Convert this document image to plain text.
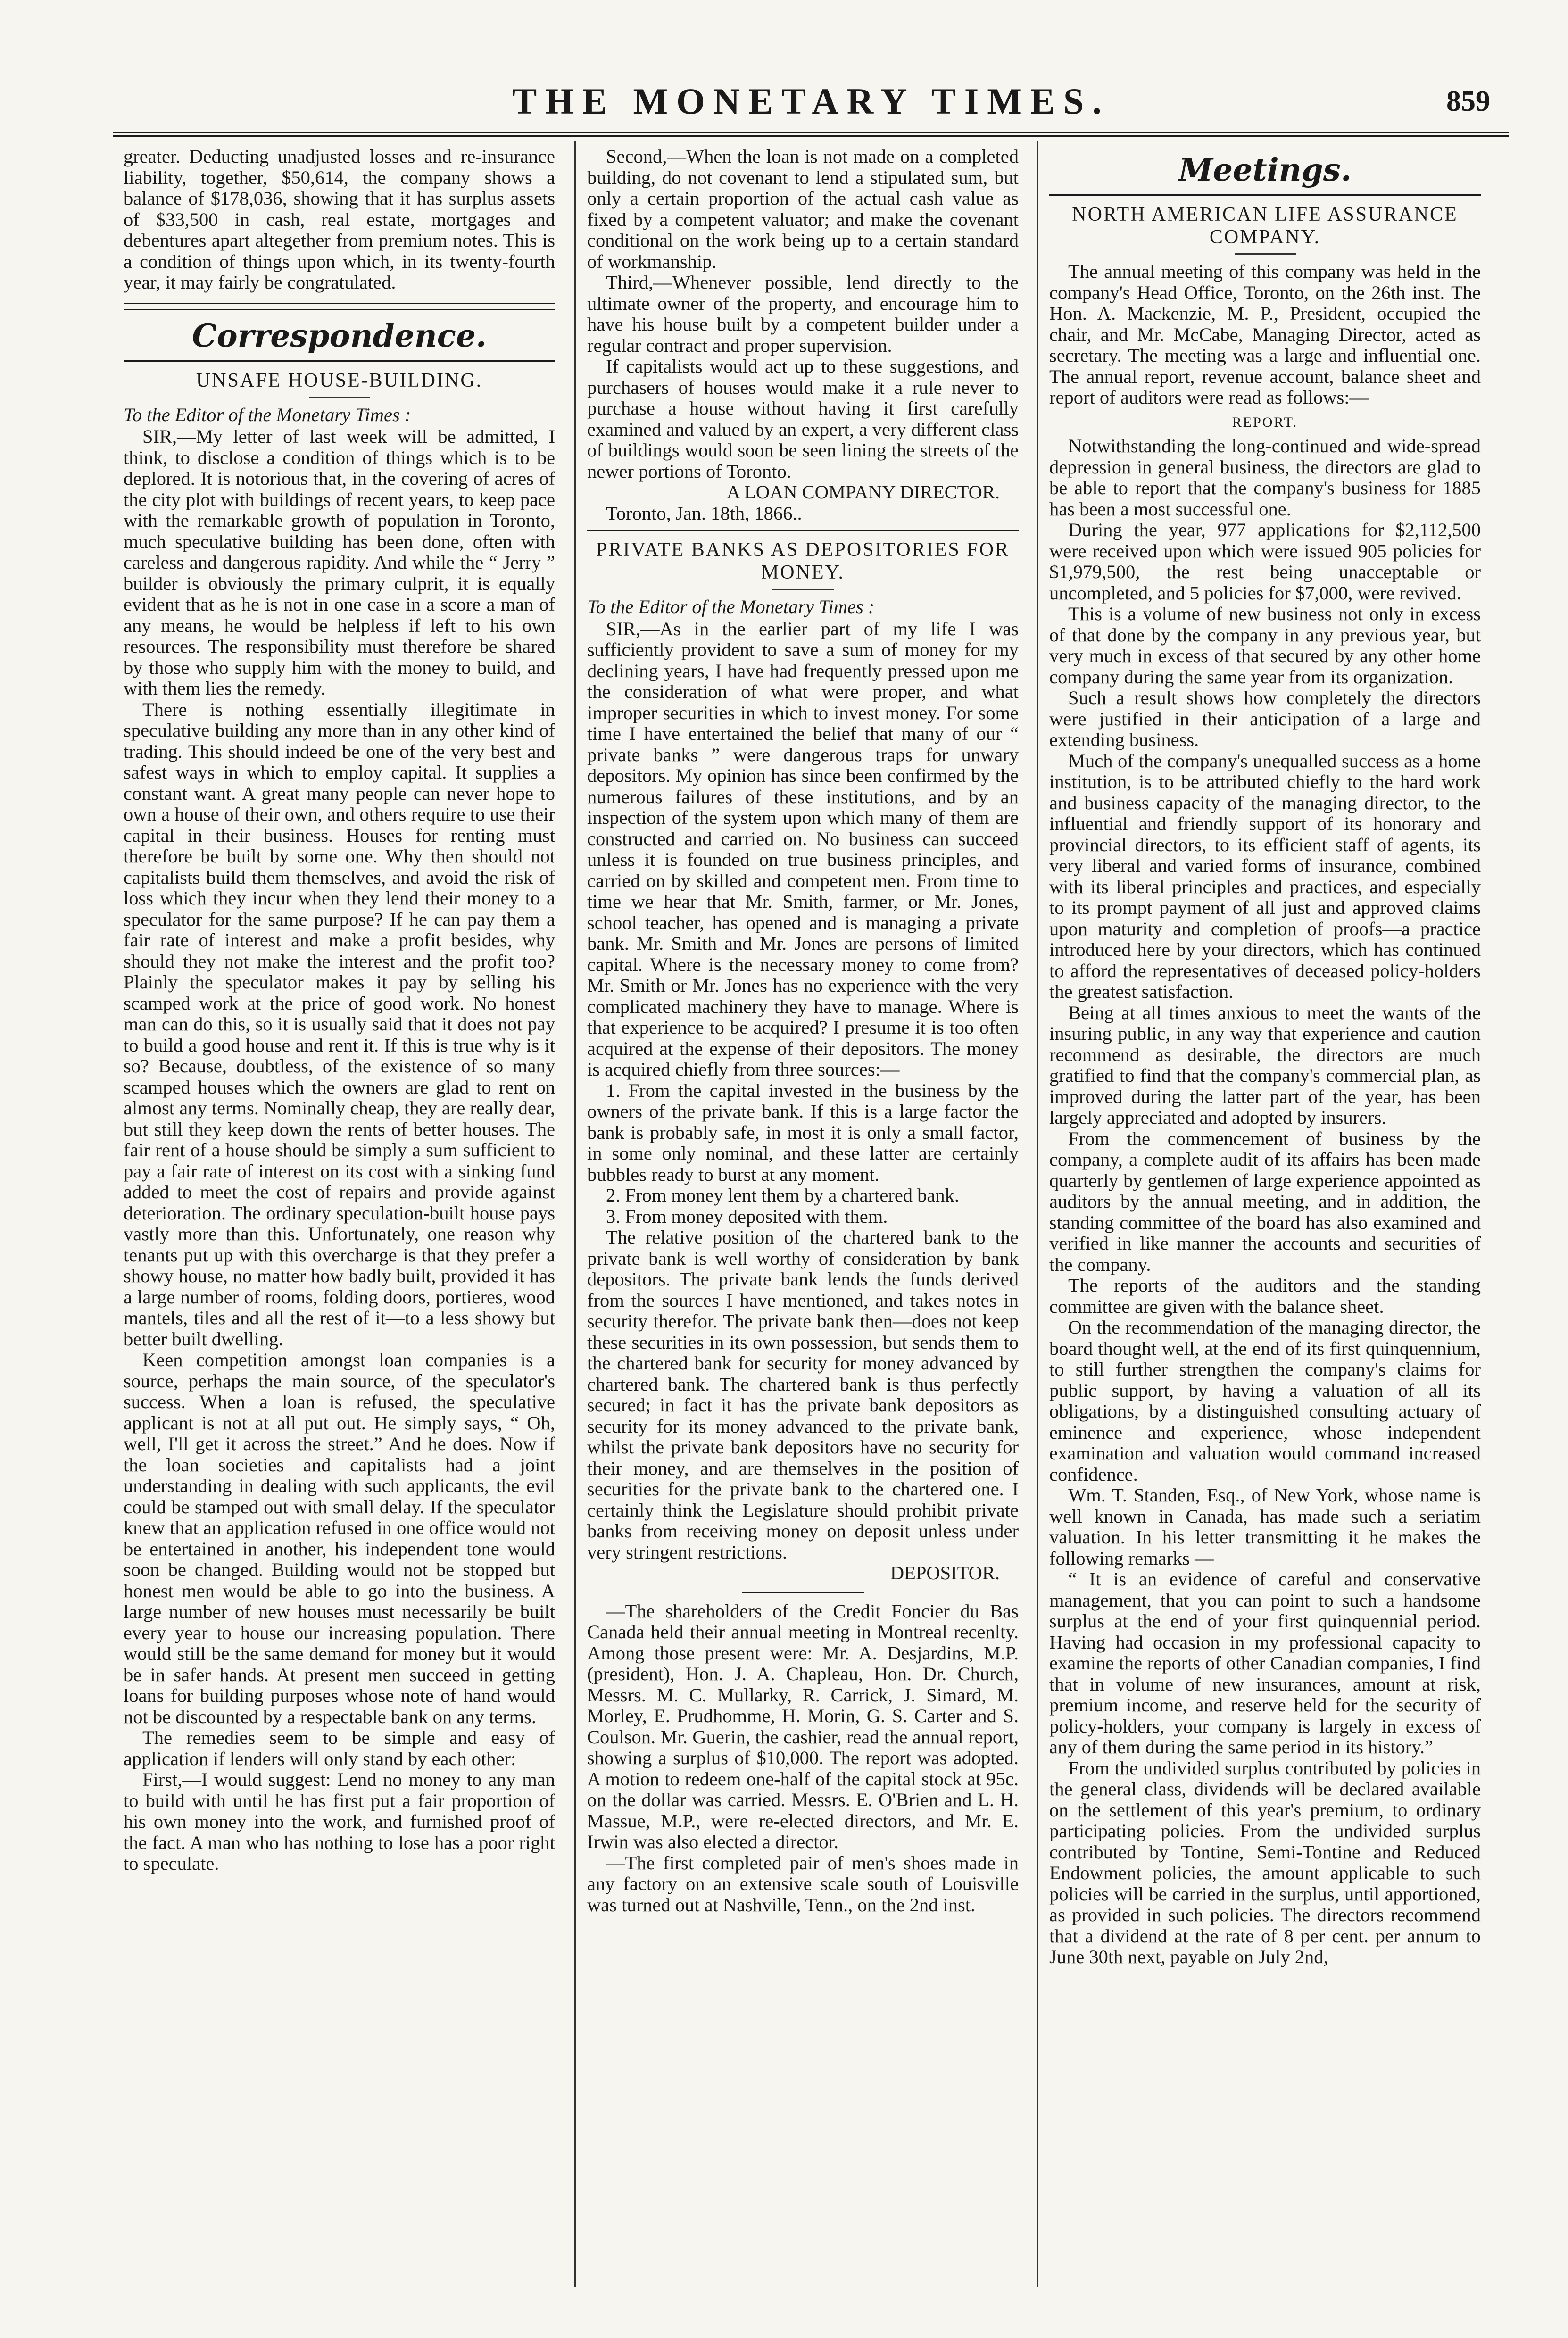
THE MONETARY TIMES.	859

greater. Deducting unadjusted losses and re-insurance liability, together, $50,614, the company shows a balance of $178,036, showing that it has surplus assets of $33,500 in cash, real estate, mortgages and debentures apart altegether from premium notes. This is a condition of things upon which, in its twenty-fourth year, it may fairly be congratulated.

Correspondence.
UNSAFE HOUSE-BUILDING.

To the Editor of the Monetary Times :

SIR,—My letter of last week will be admitted, I think, to disclose a condition of things which is to be deplored. It is notorious that, in the covering of acres of the city plot with buildings of recent years, to keep pace with the remarkable growth of population in Toronto, much speculative building has been done, often with careless and dangerous rapidity. And while the “ Jerry ” builder is obviously the primary culprit, it is equally evident that as he is not in one case in a score a man of any means, he would be helpless if left to his own resources. The responsibility must therefore be shared by those who supply him with the money to build, and with them lies the remedy.

There is nothing essentially illegitimate in speculative building any more than in any other kind of trading. This should indeed be one of the very best and safest ways in which to employ capital. It supplies a constant want. A great many people can never hope to own a house of their own, and others require to use their capital in their business. Houses for renting must therefore be built by some one. Why then should not capitalists build them themselves, and avoid the risk of loss which they incur when they lend their money to a speculator for the same purpose? If he can pay them a fair rate of interest and make a profit besides, why should they not make the interest and the profit too? Plainly the speculator makes it pay by selling his scamped work at the price of good work. No honest man can do this, so it is usually said that it does not pay to build a good house and rent it. If this is true why is it so? Because, doubtless, of the existence of so many scamped houses which the owners are glad to rent on almost any terms. Nominally cheap, they are really dear, but still they keep down the rents of better houses. The fair rent of a house should be simply a sum sufficient to pay a fair rate of interest on its cost with a sinking fund added to meet the cost of repairs and provide against deterioration. The ordinary speculation-built house pays vastly more than this. Unfortunately, one reason why tenants put up with this overcharge is that they prefer a showy house, no matter how badly built, provided it has a large number of rooms, folding doors, portieres, wood mantels, tiles and all the rest of it—to a less showy but better built dwelling.

Keen competition amongst loan companies is a source, perhaps the main source, of the speculator's success. When a loan is refused, the speculative applicant is not at all put out. He simply says, “ Oh, well, I'll get it across the street.” And he does. Now if the loan societies and capitalists had a joint understanding in dealing with such applicants, the evil could be stamped out with small delay. If the speculator knew that an application refused in one office would not be entertained in another, his independent tone would soon be changed. Building would not be stopped but honest men would be able to go into the business. A large number of new houses must necessarily be built every year to house our increasing population. There would still be the same demand for money but it would be in safer hands. At present men succeed in getting loans for building purposes whose note of hand would not be discounted by a respectable bank on any terms.

The remedies seem to be simple and easy of application if lenders will only stand by each other:

First,—I would suggest: Lend no money to any man to build with until he has first put a fair proportion of his own money into the work, and furnished proof of the fact. A man who has nothing to lose has a poor right to speculate.

Second,—When the loan is not made on a completed building, do not covenant to lend a stipulated sum, but only a certain proportion of the actual cash value as fixed by a competent valuator; and make the covenant conditional on the work being up to a certain standard of workmanship.

Third,—Whenever possible, lend directly to the ultimate owner of the property, and encourage him to have his house built by a competent builder under a regular contract and proper supervision.

If capitalists would act up to these suggestions, and purchasers of houses would make it a rule never to purchase a house without having it first carefully examined and valued by an expert, a very different class of buildings would soon be seen lining the streets of the newer portions of Toronto.

A LOAN COMPANY DIRECTOR.

Toronto, Jan. 18th, 1866..

PRIVATE BANKS AS DEPOSITORIES FOR MONEY.

To the Editor of the Monetary Times :

SIR,—As in the earlier part of my life I was sufficiently provident to save a sum of money for my declining years, I have had frequently pressed upon me the consideration of what were proper, and what improper securities in which to invest money. For some time I have entertained the belief that many of our “ private banks ” were dangerous traps for unwary depositors. My opinion has since been confirmed by the numerous failures of these institutions, and by an inspection of the system upon which many of them are constructed and carried on. No business can succeed unless it is founded on true business principles, and carried on by skilled and competent men. From time to time we hear that Mr. Smith, farmer, or Mr. Jones, school teacher, has opened and is managing a private bank. Mr. Smith and Mr. Jones are persons of limited capital. Where is the necessary money to come from? Mr. Smith or Mr. Jones has no experience with the very complicated machinery they have to manage. Where is that experience to be acquired? I presume it is too often acquired at the expense of their depositors. The money is acquired chiefly from three sources:—

1. From the capital invested in the business by the owners of the private bank. If this is a large factor the bank is probably safe, in most it is only a small factor, in some only nominal, and these latter are certainly bubbles ready to burst at any moment.

2. From money lent them by a chartered bank.

3. From money deposited with them.

The relative position of the chartered bank to the private bank is well worthy of consideration by bank depositors. The private bank lends the funds derived from the sources I have mentioned, and takes notes in security therefor. The private bank then—does not keep these securities in its own possession, but sends them to the chartered bank for security for money advanced by chartered bank. The chartered bank is thus perfectly secured; in fact it has the private bank depositors as security for its money advanced to the private bank, whilst the private bank depositors have no security for their money, and are themselves in the position of securities for the private bank to the chartered one. I certainly think the Legislature should prohibit private banks from receiving money on deposit unless under very stringent restrictions.

DEPOSITOR.

—The shareholders of the Credit Foncier du Bas Canada held their annual meeting in Montreal recenlty. Among those present were: Mr. A. Desjardins, M.P. (president), Hon. J. A. Chapleau, Hon. Dr. Church, Messrs. M. C. Mullarky, R. Carrick, J. Simard, M. Morley, E. Prudhomme, H. Morin, G. S. Carter and S. Coulson. Mr. Guerin, the cashier, read the annual report, showing a surplus of $10,000. The report was adopted. A motion to redeem one-half of the capital stock at 95c. on the dollar was carried. Messrs. E. O'Brien and L. H. Massue, M.P., were re-elected directors, and Mr. E. Irwin was also elected a director.

—The first completed pair of men's shoes made in any factory on an extensive scale south of Louisville was turned out at Nashville, Tenn., on the 2nd inst.

Meetings.
NORTH AMERICAN LIFE ASSURANCE COMPANY.

The annual meeting of this company was held in the company's Head Office, Toronto, on the 26th inst. The Hon. A. Mackenzie, M. P., President, occupied the chair, and Mr. McCabe, Managing Director, acted as secretary. The meeting was a large and influential one. The annual report, revenue account, balance sheet and report of auditors were read as follows:—

REPORT.

Notwithstanding the long-continued and wide-spread depression in general business, the directors are glad to be able to report that the company's business for 1885 has been a most successful one.

During the year, 977 applications for $2,112,500 were received upon which were issued 905 policies for $1,979,500, the rest being unacceptable or uncompleted, and 5 policies for $7,000, were revived.

This is a volume of new business not only in excess of that done by the company in any previous year, but very much in excess of that secured by any other home company during the same year from its organization.

Such a result shows how completely the directors were justified in their anticipation of a large and extending business.

Much of the company's unequalled success as a home institution, is to be attributed chiefly to the hard work and business capacity of the managing director, to the influential and friendly support of its honorary and provincial directors, to its efficient staff of agents, its very liberal and varied forms of insurance, combined with its liberal principles and practices, and especially to its prompt payment of all just and approved claims upon maturity and completion of proofs—a practice introduced here by your directors, which has continued to afford the representatives of deceased policy-holders the greatest satisfaction.

Being at all times anxious to meet the wants of the insuring public, in any way that experience and caution recommend as desirable, the directors are much gratified to find that the company's commercial plan, as improved during the latter part of the year, has been largely appreciated and adopted by insurers.

From the commencement of business by the company, a complete audit of its affairs has been made quarterly by gentlemen of large experience appointed as auditors by the annual meeting, and in addition, the standing committee of the board has also examined and verified in like manner the accounts and securities of the company.

The reports of the auditors and the standing committee are given with the balance sheet.

On the recommendation of the managing director, the board thought well, at the end of its first quinquennium, to still further strengthen the company's claims for public support, by having a valuation of all its obligations, by a distinguished consulting actuary of eminence and experience, whose independent examination and valuation would command increased confidence.

Wm. T. Standen, Esq., of New York, whose name is well known in Canada, has made such a seriatim valuation. In his letter transmitting it he makes the following remarks —

“ It is an evidence of careful and conservative management, that you can point to such a handsome surplus at the end of your first quinquennial period. Having had occasion in my professional capacity to examine the reports of other Canadian companies, I find that in volume of new insurances, amount at risk, premium income, and reserve held for the security of policy-holders, your company is largely in excess of any of them during the same period in its history.”

From the undivided surplus contributed by policies in the general class, dividends will be declared available on the settlement of this year's premium, to ordinary participating policies. From the undivided surplus contributed by Tontine, Semi-Tontine and Reduced Endowment policies, the amount applicable to such policies will be carried in the surplus, until apportioned, as provided in such policies. The directors recommend that a dividend at the rate of 8 per cent. per annum to June 30th next, payable on July 2nd,
